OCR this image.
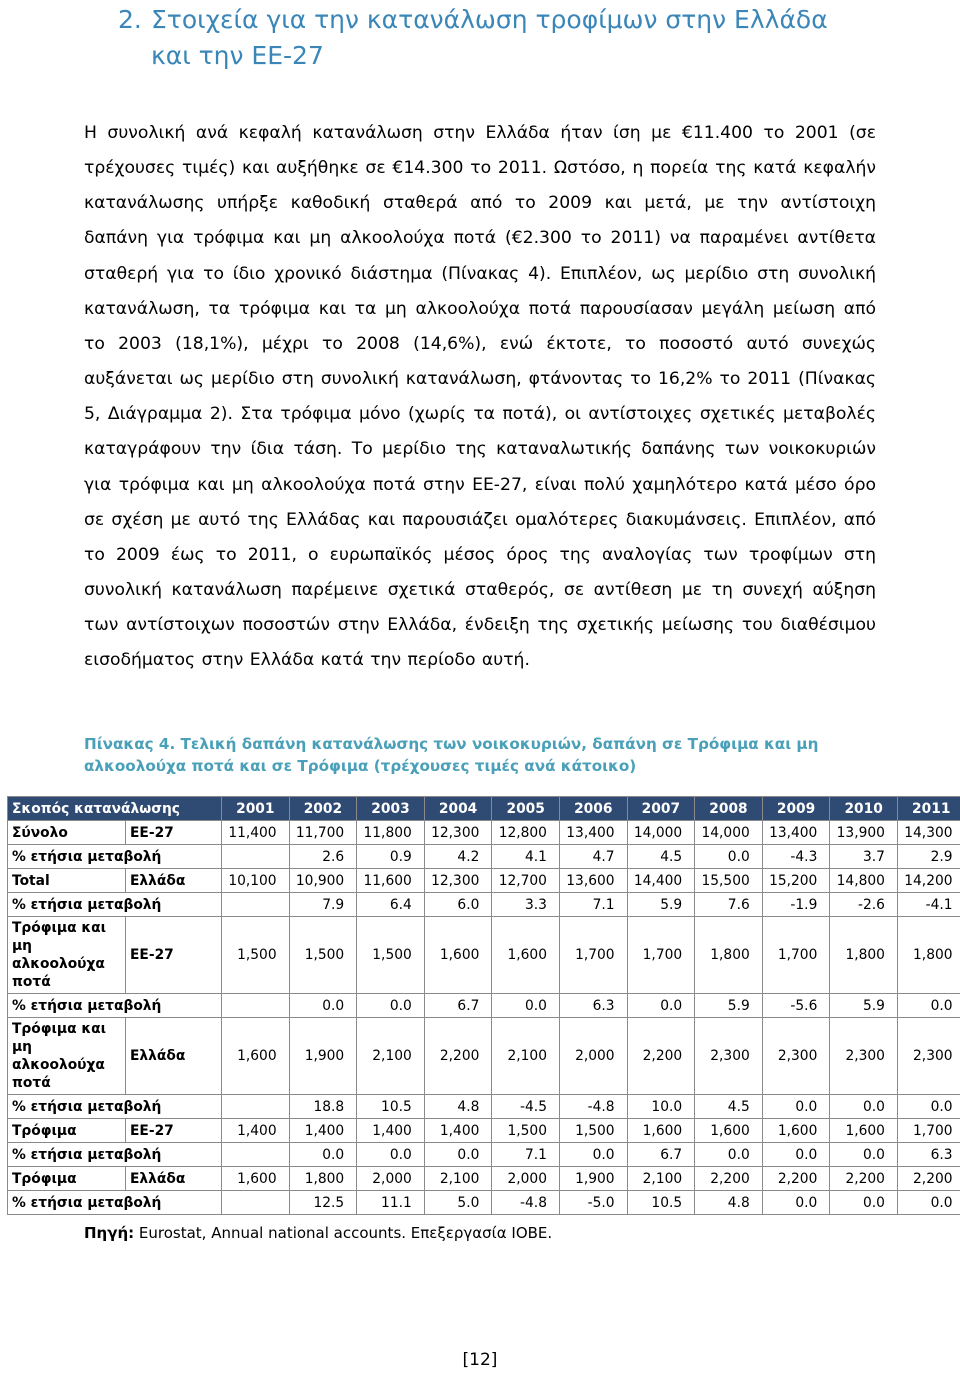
2. Στοιχεία για την κατανάλωση τροφίμων στην Ελλάδα
και την ΕΕ-27
Η συνολική ανά κεφαλή κατανάλωση στην Ελλάδα ήταν ίση με €11.400 το 2001 (σε τρέχουσες τιμές) και αυξήθηκε σε €14.300 το 2011. Ωστόσο, η πορεία της κατά κεφαλήν κατανάλωσης υπήρξε καθοδική σταθερά από το 2009 και μετά, με την αντίστοιχη δαπάνη για τρόφιμα και μη αλκοολούχα ποτά (€2.300 το 2011) να παραμένει αντίθετα σταθερή για το ίδιο χρονικό διάστημα (Πίνακας 4). Επιπλέον, ως μερίδιο στη συνολική κατανάλωση, τα τρόφιμα και τα μη αλκοολούχα ποτά παρουσίασαν μεγάλη μείωση από το 2003 (18,1%), μέχρι το 2008 (14,6%), ενώ έκτοτε, το ποσοστό αυτό συνεχώς αυξάνεται ως μερίδιο στη συνολική κατανάλωση, φτάνοντας το 16,2% το 2011 (Πίνακας 5, Διάγραμμα 2). Στα τρόφιμα μόνο (χωρίς τα ποτά), οι αντίστοιχες σχετικές μεταβολές καταγράφουν την ίδια τάση. Το μερίδιο της καταναλωτικής δαπάνης των νοικοκυριών για τρόφιμα και μη αλκοολούχα ποτά στην ΕΕ-27, είναι πολύ χαμηλότερο κατά μέσο όρο σε σχέση με αυτό της Ελλάδας και παρουσιάζει ομαλότερες διακυμάνσεις. Επιπλέον, από το 2009 έως το 2011, ο ευρωπαϊκός μέσος όρος της αναλογίας των τροφίμων στη συνολική κατανάλωση παρέμεινε σχετικά σταθερός, σε αντίθεση με τη συνεχή αύξηση των αντίστοιχων ποσοστών στην Ελλάδα, ένδειξη της σχετικής μείωσης του διαθέσιμου εισοδήματος στην Ελλάδα κατά την περίοδο αυτή.
Πίνακας 4. Τελική δαπάνη κατανάλωσης των νοικοκυριών, δαπάνη σε Τρόφιμα και μη αλκοολούχα ποτά και σε Τρόφιμα (τρέχουσες τιμές ανά κάτοικο)
Σκοπός κατανάλωσης		2001	2002	2003	2004	2005	2006	2007	2008	2009	2010	2011
Σύνολο	ΕΕ-27	11,400	11,700	11,800	12,300	12,800	13,400	14,000	14,000	13,400	13,900	14,300
% ετήσια μεταβολή			2.6	0.9	4.2	4.1	4.7	4.5	0.0	-4.3	3.7	2.9
Total	Ελλάδα	10,100	10,900	11,600	12,300	12,700	13,600	14,400	15,500	15,200	14,800	14,200
% ετήσια μεταβολή			7.9	6.4	6.0	3.3	7.1	5.9	7.6	-1.9	-2.6	-4.1
Τρόφιμα και μη αλκοολούχα ποτά	ΕΕ-27	1,500	1,500	1,500	1,600	1,600	1,700	1,700	1,800	1,700	1,800	1,800
% ετήσια μεταβολή			0.0	0.0	6.7	0.0	6.3	0.0	5.9	-5.6	5.9	0.0
Τρόφιμα και μη αλκοολούχα ποτά	Ελλάδα	1,600	1,900	2,100	2,200	2,100	2,000	2,200	2,300	2,300	2,300	2,300
% ετήσια μεταβολή			18.8	10.5	4.8	-4.5	-4.8	10.0	4.5	0.0	0.0	0.0
Τρόφιμα	ΕΕ-27	1,400	1,400	1,400	1,400	1,500	1,500	1,600	1,600	1,600	1,600	1,700
% ετήσια μεταβολή			0.0	0.0	0.0	7.1	0.0	6.7	0.0	0.0	0.0	6.3
Τρόφιμα	Ελλάδα	1,600	1,800	2,000	2,100	2,000	1,900	2,100	2,200	2,200	2,200	2,200
% ετήσια μεταβολή			12.5	11.1	5.0	-4.8	-5.0	10.5	4.8	0.0	0.0	0.0
Πηγή: Eurostat, Annual national accounts. Επεξεργασία ΙΟΒΕ.
[12]
